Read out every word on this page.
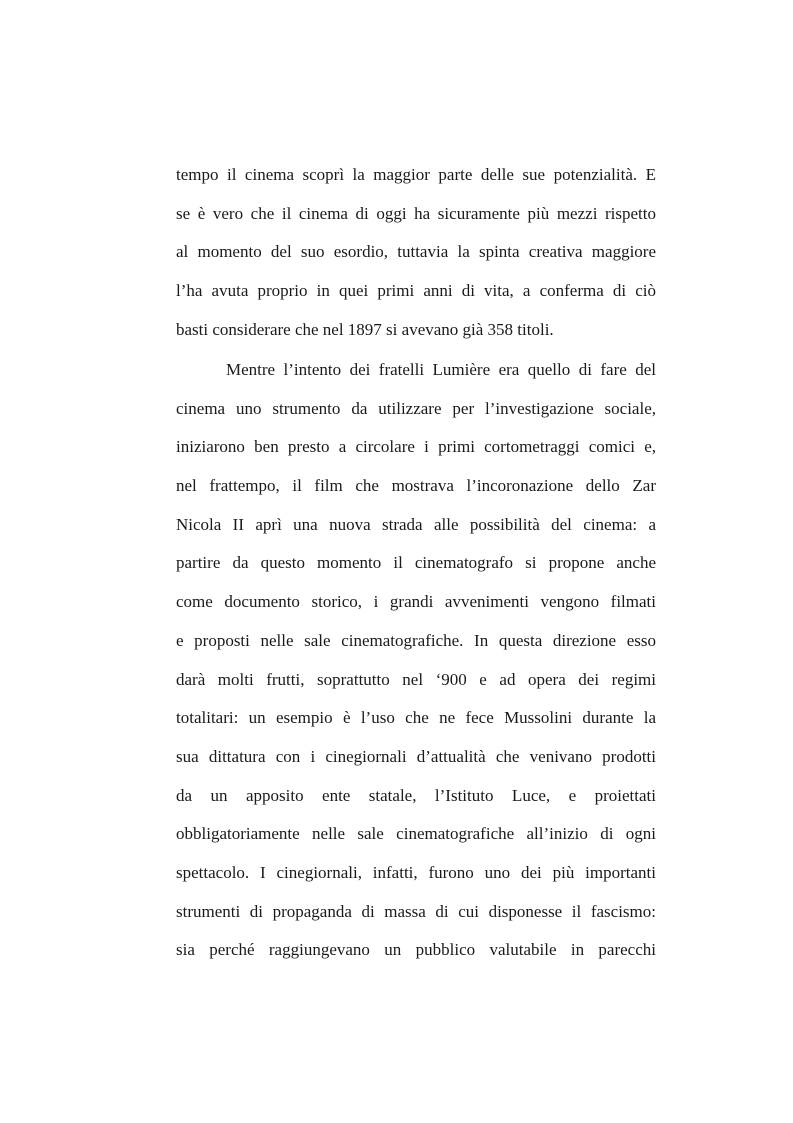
tempo il cinema scoprì la maggior parte delle sue potenzialità. E
se è vero che il cinema di oggi ha sicuramente più mezzi rispetto
al momento del suo esordio, tuttavia la spinta creativa maggiore
l’ha avuta proprio in quei primi anni di vita, a conferma di ciò
basti considerare che nel 1897 si avevano già 358 titoli.
Mentre l’intento dei fratelli Lumière era quello di fare del
cinema uno strumento da utilizzare per l’investigazione sociale,
iniziarono ben presto a circolare i primi cortometraggi comici e,
nel frattempo, il film che mostrava l’incoronazione dello Zar
Nicola II aprì una nuova strada alle possibilità del cinema: a
partire da questo momento il cinematografo si propone anche
come documento storico, i grandi avvenimenti vengono filmati
e proposti nelle sale cinematografiche. In questa direzione esso
darà molti frutti, soprattutto nel ‘900 e ad opera dei regimi
totalitari: un esempio è l’uso che ne fece Mussolini durante la
sua dittatura con i cinegiornali d’attualità che venivano prodotti
da un apposito ente statale, l’Istituto Luce, e proiettati
obbligatoriamente nelle sale cinematografiche all’inizio di ogni
spettacolo. I cinegiornali, infatti, furono uno dei più importanti
strumenti di propaganda di massa di cui disponesse il fascismo:
sia perché raggiungevano un pubblico valutabile in parecchi
